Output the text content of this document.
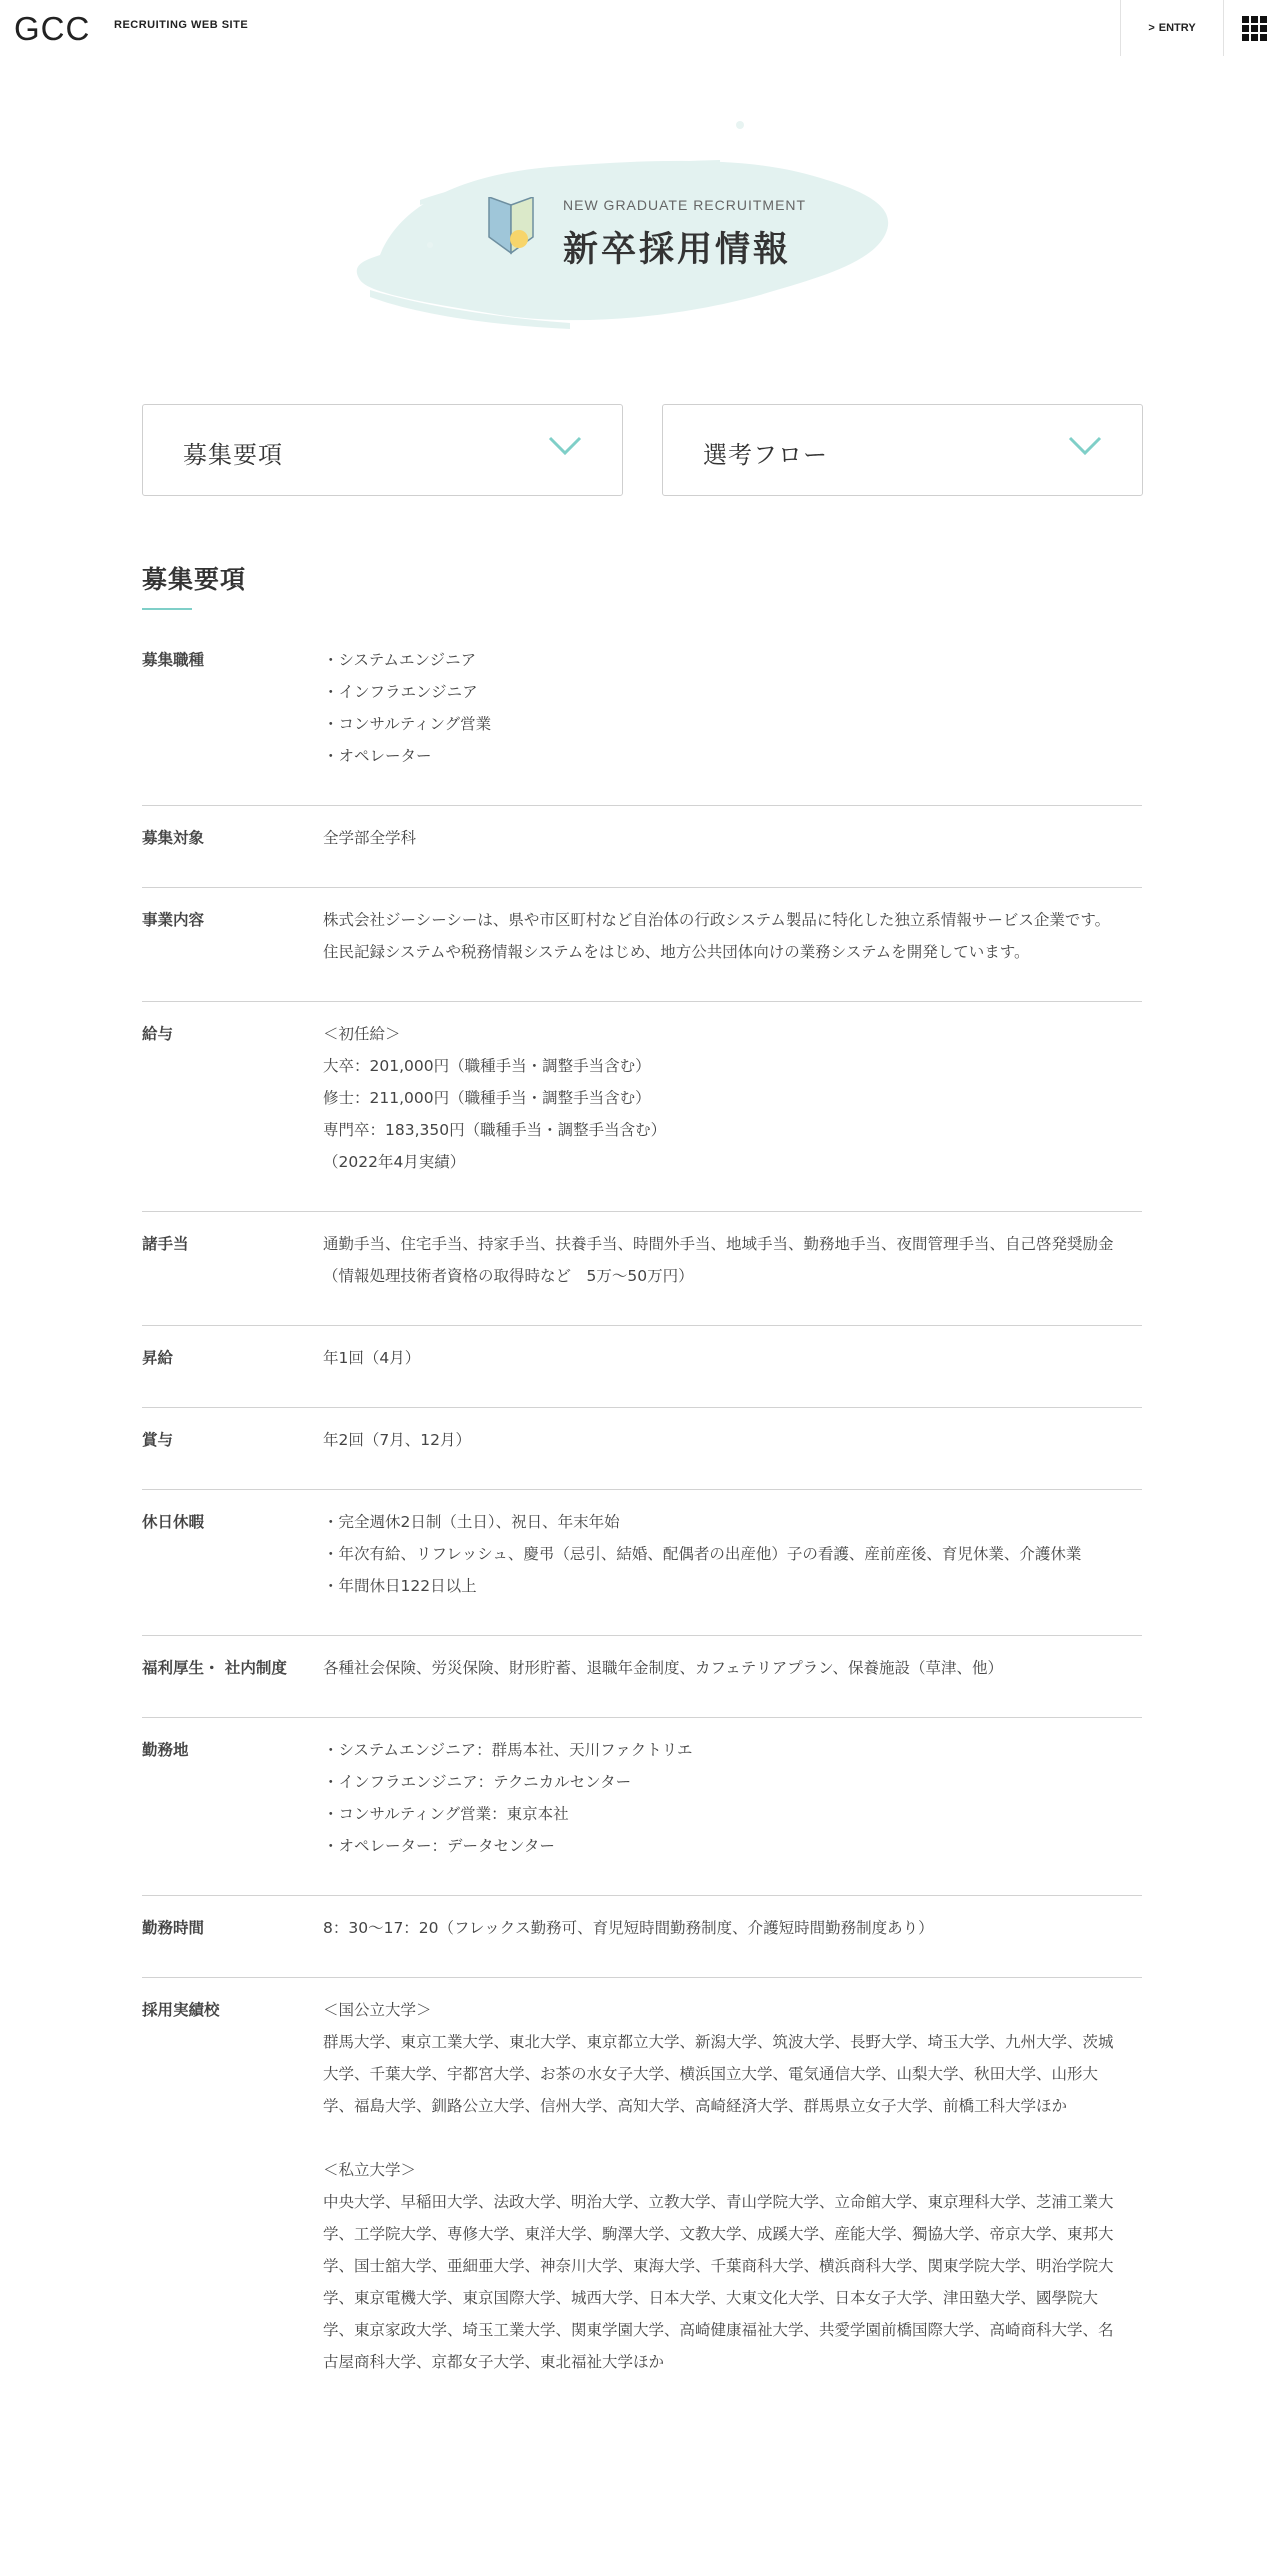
GCC RECRUITING WEB SITE	> ENTRY
NEW GRADUATE RECRUITMENT
新卒採用情報
募集要項	選考フロー
募集要項
募集職種	・システムエンジニア
・インフラエンジニア
・コンサルティング営業
・オペレーター
募集対象	全学部全学科
事業内容	株式会社ジーシーシーは、県や市区町村など自治体の行政システム製品に特化した独立系情報サービス企業です。
住民記録システムや税務情報システムをはじめ、地方公共団体向けの業務システムを開発しています。
給与	＜初任給＞
大卒：201,000円（職種手当・調整手当含む）
修士：211,000円（職種手当・調整手当含む）
専門卒：183,350円（職種手当・調整手当含む）
（2022年4月実績）
諸手当	通勤手当、住宅手当、持家手当、扶養手当、時間外手当、地域手当、勤務地手当、夜間管理手当、自己啓発奨励金
（情報処理技術者資格の取得時など　5万〜50万円）
昇給	年1回（4月）
賞与	年2回（7月、12月）
休日休暇	・完全週休2日制（土日）、祝日、年末年始
・年次有給、リフレッシュ、慶弔（忌引、結婚、配偶者の出産他）子の看護、産前産後、育児休業、介護休業
・年間休日122日以上
福利厚生・ 社内制度	各種社会保険、労災保険、財形貯蓄、退職年金制度、カフェテリアプラン、保養施設（草津、他）
勤務地	・システムエンジニア：群馬本社、天川ファクトリエ
・インフラエンジニア：テクニカルセンター
・コンサルティング営業：東京本社
・オペレーター：データセンター
勤務時間	8：30〜17：20（フレックス勤務可、育児短時間勤務制度、介護短時間勤務制度あり）
採用実績校	＜国公立大学＞
群馬大学、東京工業大学、東北大学、東京都立大学、新潟大学、筑波大学、長野大学、埼玉大学、九州大学、茨城
大学、千葉大学、宇都宮大学、お茶の水女子大学、横浜国立大学、電気通信大学、山梨大学、秋田大学、山形大
学、福島大学、釧路公立大学、信州大学、高知大学、高崎経済大学、群馬県立女子大学、前橋工科大学ほか
＜私立大学＞
中央大学、早稲田大学、法政大学、明治大学、立教大学、青山学院大学、立命館大学、東京理科大学、芝浦工業大
学、工学院大学、専修大学、東洋大学、駒澤大学、文教大学、成蹊大学、産能大学、獨協大学、帝京大学、東邦大
学、国士舘大学、亜細亜大学、神奈川大学、東海大学、千葉商科大学、横浜商科大学、関東学院大学、明治学院大
学、東京電機大学、東京国際大学、城西大学、日本大学、大東文化大学、日本女子大学、津田塾大学、國學院大
学、東京家政大学、埼玉工業大学、関東学園大学、高崎健康福祉大学、共愛学園前橋国際大学、高崎商科大学、名
古屋商科大学、京都女子大学、東北福祉大学ほか
